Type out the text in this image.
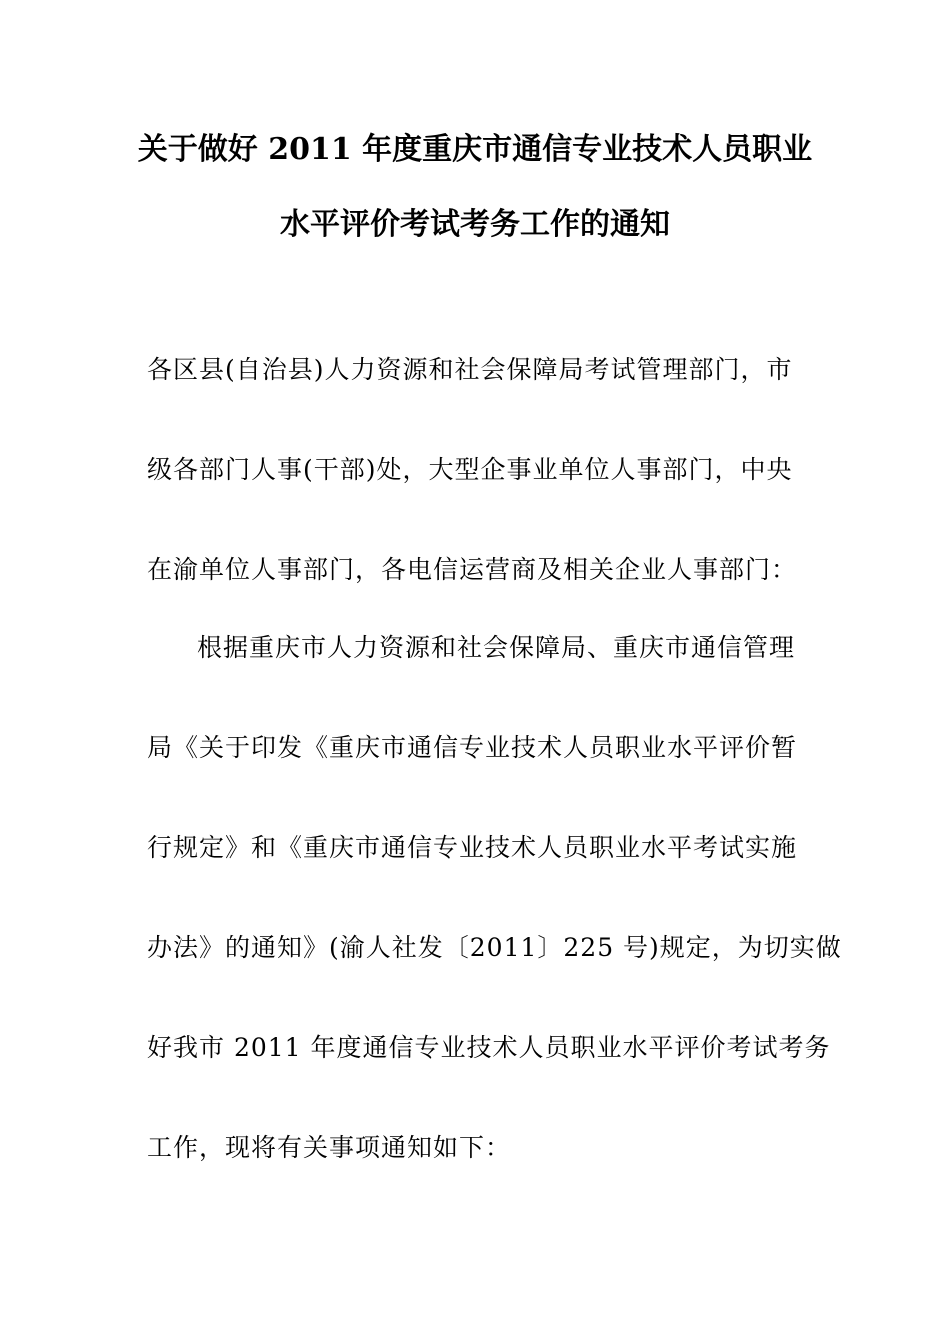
关于做好 2011 年度重庆市通信专业技术人员职业
水平评价考试考务工作的通知
各区县(自治县)人力资源和社会保障局考试管理部门，市
级各部门人事(干部)处，大型企事业单位人事部门，中央
在渝单位人事部门，各电信运营商及相关企业人事部门：
根据重庆市人力资源和社会保障局、重庆市通信管理
局《关于印发《重庆市通信专业技术人员职业水平评价暂
行规定》和《重庆市通信专业技术人员职业水平考试实施
办法》的通知》(渝人社发〔2011〕225 号)规定，为切实做
好我市 2011 年度通信专业技术人员职业水平评价考试考务
工作，现将有关事项通知如下：
